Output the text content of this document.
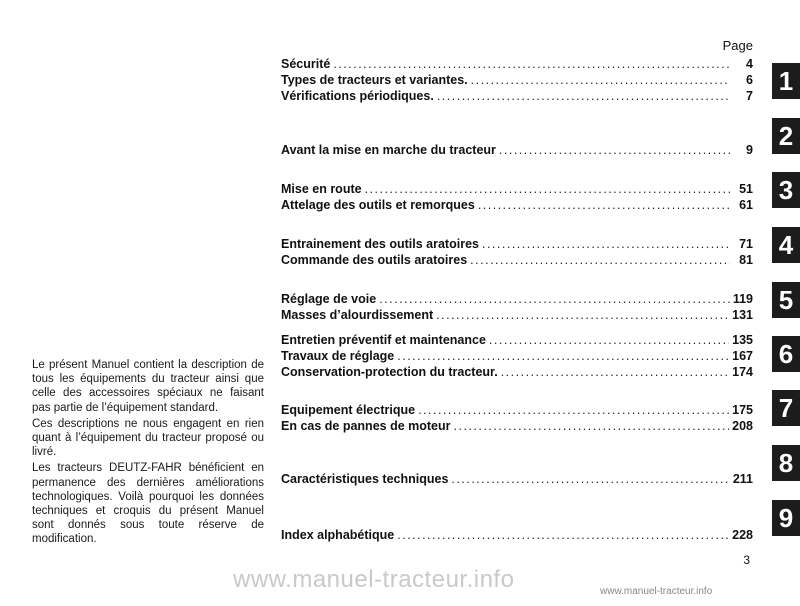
Page
Sécurité .....	4
Types de tracteurs et variantes. .....	6
Vérifications périodiques. .....	7
Avant la mise en marche du tracteur .....	9
Mise en route .....	51
Attelage des outils et remorques .....	61
Entrainement des outils aratoires .....	71
Commande des outils aratoires .....	81
Réglage de voie .....	119
Masses d’alourdissement .....	131
Entretien préventif et maintenance .....	135
Travaux de réglage .....	167
Conservation-protection du tracteur. .....	174
Equipement électrique .....	175
En cas de pannes de moteur .....	208
Caractéristiques techniques .....	211
Index alphabétique .....	228

Le présent Manuel contient la description de tous les équipements du tracteur ainsi que celle des accessoires spéciaux ne faisant pas partie de l’équipement standard.

Ces descriptions ne nous engagent en rien quant à l’équipement du tracteur proposé ou livré.

Les tracteurs DEUTZ-FAHR bénéficient en permanence des dernières améliorations technologiques. Voilà pourquoi les données techniques et croquis du présent Manuel sont donnés sous toute réserve de modification.

1
2
3
4
5
6
7
8
9
3
www.manuel-tracteur.info	www.manuel-tracteur.info
